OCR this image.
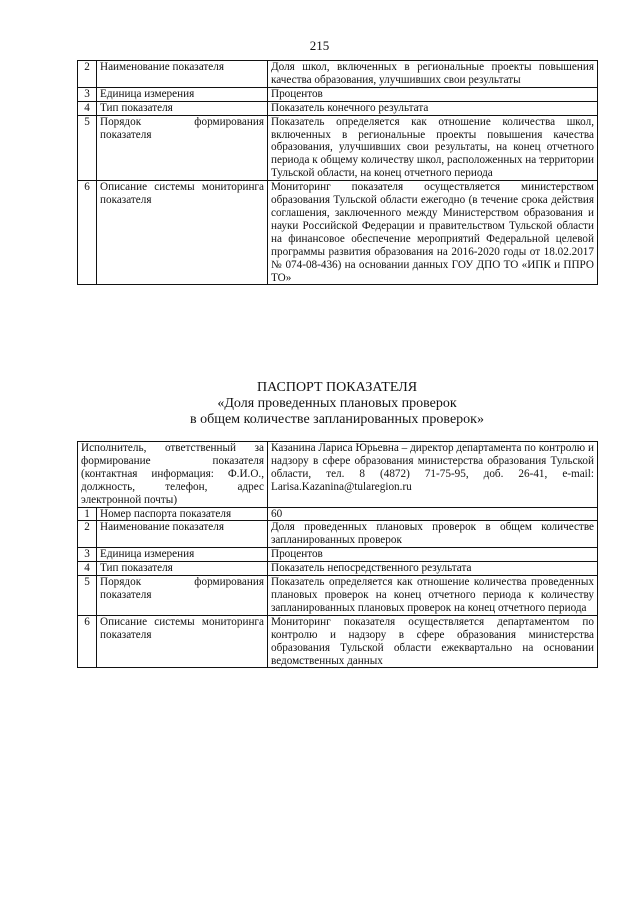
215
2	Наименование показателя	Доля школ, включенных в региональные проекты повышения качества образования, улучшивших свои результаты
3	Единица измерения	Процентов
4	Тип показателя	Показатель конечного результата
5	Порядок формирования показателя	Показатель определяется как отношение количества школ, включенных в региональные проекты повышения качества образования, улучшивших свои результаты, на конец отчетного периода к общему количеству школ, расположенных на территории Тульской области, на конец отчетного периода
6	Описание системы мониторинга показателя	Мониторинг показателя осуществляется министерством образования Тульской области ежегодно (в течение срока действия соглашения, заключенного между Министерством образования и науки Российской Федерации и правительством Тульской области на финансовое обеспечение мероприятий Федеральной целевой программы развития образования на 2016-2020 годы от 18.02.2017 № 074-08-436) на основании данных ГОУ ДПО ТО «ИПК и ППРО ТО»
ПАСПОРТ ПОКАЗАТЕЛЯ
«Доля проведенных плановых проверок
в общем количестве запланированных проверок»
Исполнитель, ответственный за формирование показателя (контактная информация: Ф.И.О., должность, телефон, адрес электронной почты)		Казанина Лариса Юрьевна – директор департамента по контролю и надзору в сфере образования министерства образования Тульской области, тел. 8 (4872) 71-75-95, доб. 26-41, e-mail: Larisa.Kazanina@tularegion.ru
1	Номер паспорта показателя	60
2	Наименование показателя	Доля проведенных плановых проверок в общем количестве запланированных проверок
3	Единица измерения	Процентов
4	Тип показателя	Показатель непосредственного результата
5	Порядок формирования показателя	Показатель определяется как отношение количества проведенных плановых проверок на конец отчетного периода к количеству запланированных плановых проверок на конец отчетного периода
6	Описание системы мониторинга показателя	Мониторинг показателя осуществляется департаментом по контролю и надзору в сфере образования министерства образования Тульской области ежеквартально на основании ведомственных данных
